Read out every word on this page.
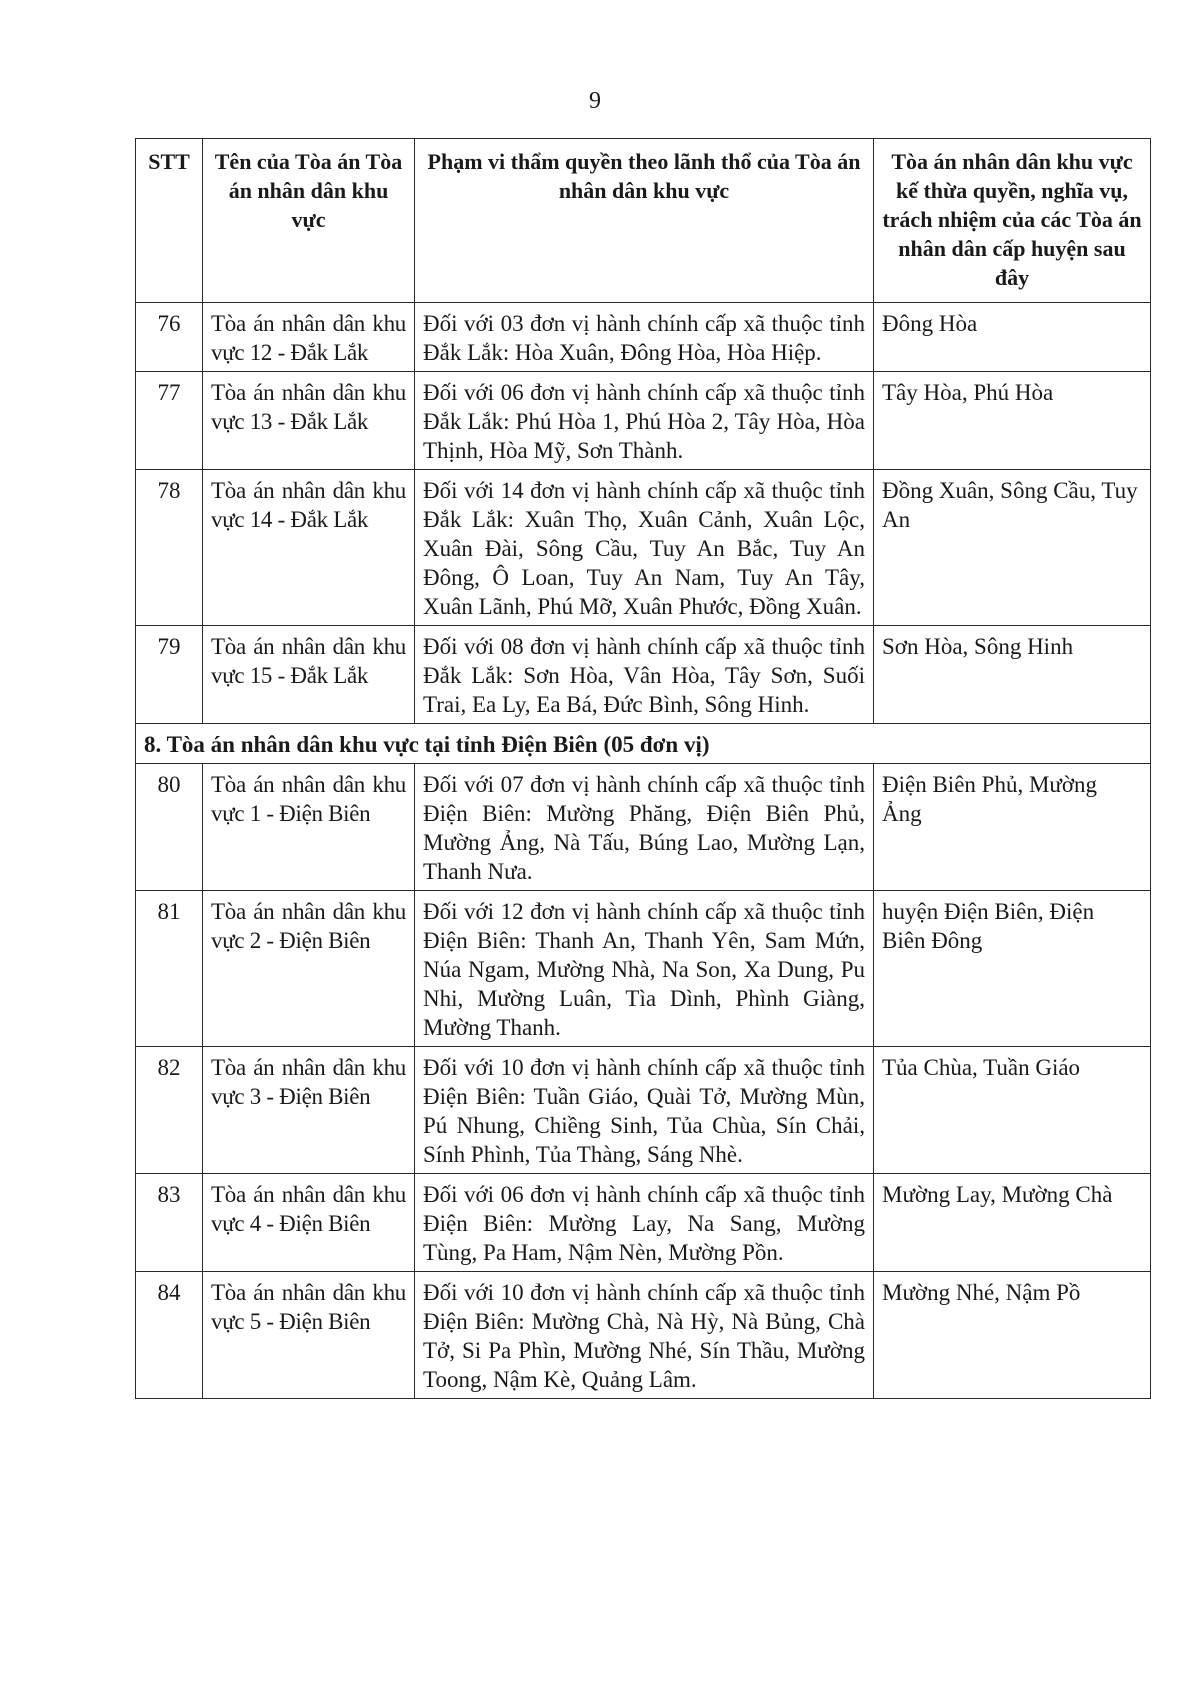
9
STT	Tên của Tòa án Tòa án nhân dân khu vực	Phạm vi thẩm quyền theo lãnh thổ của Tòa án nhân dân khu vực	Tòa án nhân dân khu vực kế thừa quyền, nghĩa vụ, trách nhiệm của các Tòa án nhân dân cấp huyện sau đây
76	Tòa án nhân dân khu vực 12 - Đắk Lắk	Đối với 03 đơn vị hành chính cấp xã thuộc tỉnh Đắk Lắk: Hòa Xuân, Đông Hòa, Hòa Hiệp.	Đông Hòa
77	Tòa án nhân dân khu vực 13 - Đắk Lắk	Đối với 06 đơn vị hành chính cấp xã thuộc tỉnh Đắk Lắk: Phú Hòa 1, Phú Hòa 2, Tây Hòa, Hòa Thịnh, Hòa Mỹ, Sơn Thành.	Tây Hòa, Phú Hòa
78	Tòa án nhân dân khu vực 14 - Đắk Lắk	Đối với 14 đơn vị hành chính cấp xã thuộc tỉnh Đắk Lắk: Xuân Thọ, Xuân Cảnh, Xuân Lộc, Xuân Đài, Sông Cầu, Tuy An Bắc, Tuy An Đông, Ô Loan, Tuy An Nam, Tuy An Tây, Xuân Lãnh, Phú Mỡ, Xuân Phước, Đồng Xuân.	Đồng Xuân, Sông Cầu, Tuy An
79	Tòa án nhân dân khu vực 15 - Đắk Lắk	Đối với 08 đơn vị hành chính cấp xã thuộc tỉnh Đắk Lắk: Sơn Hòa, Vân Hòa, Tây Sơn, Suối Trai, Ea Ly, Ea Bá, Đức Bình, Sông Hinh.	Sơn Hòa, Sông Hinh
8. Tòa án nhân dân khu vực tại tỉnh Điện Biên (05 đơn vị)			
80	Tòa án nhân dân khu vực 1 - Điện Biên	Đối với 07 đơn vị hành chính cấp xã thuộc tỉnh Điện Biên: Mường Phăng, Điện Biên Phủ, Mường Ảng, Nà Tấu, Búng Lao, Mường Lạn, Thanh Nưa.	Điện Biên Phủ, Mường Ảng
81	Tòa án nhân dân khu vực 2 - Điện Biên	Đối với 12 đơn vị hành chính cấp xã thuộc tỉnh Điện Biên: Thanh An, Thanh Yên, Sam Mứn, Núa Ngam, Mường Nhà, Na Son, Xa Dung, Pu Nhi, Mường Luân, Tìa Dình, Phình Giàng, Mường Thanh.	huyện Điện Biên, Điện Biên Đông
82	Tòa án nhân dân khu vực 3 - Điện Biên	Đối với 10 đơn vị hành chính cấp xã thuộc tỉnh Điện Biên: Tuần Giáo, Quài Tở, Mường Mùn, Pú Nhung, Chiềng Sinh, Tủa Chùa, Sín Chải, Sính Phình, Tủa Thàng, Sáng Nhè.	Tủa Chùa, Tuần Giáo
83	Tòa án nhân dân khu vực 4 - Điện Biên	Đối với 06 đơn vị hành chính cấp xã thuộc tỉnh Điện Biên: Mường Lay, Na Sang, Mường Tùng, Pa Ham, Nậm Nèn, Mường Pồn.	Mường Lay, Mường Chà
84	Tòa án nhân dân khu vực 5 - Điện Biên	Đối với 10 đơn vị hành chính cấp xã thuộc tỉnh Điện Biên: Mường Chà, Nà Hỳ, Nà Bủng, Chà Tở, Si Pa Phìn, Mường Nhé, Sín Thầu, Mường Toong, Nậm Kè, Quảng Lâm.	Mường Nhé, Nậm Pồ
